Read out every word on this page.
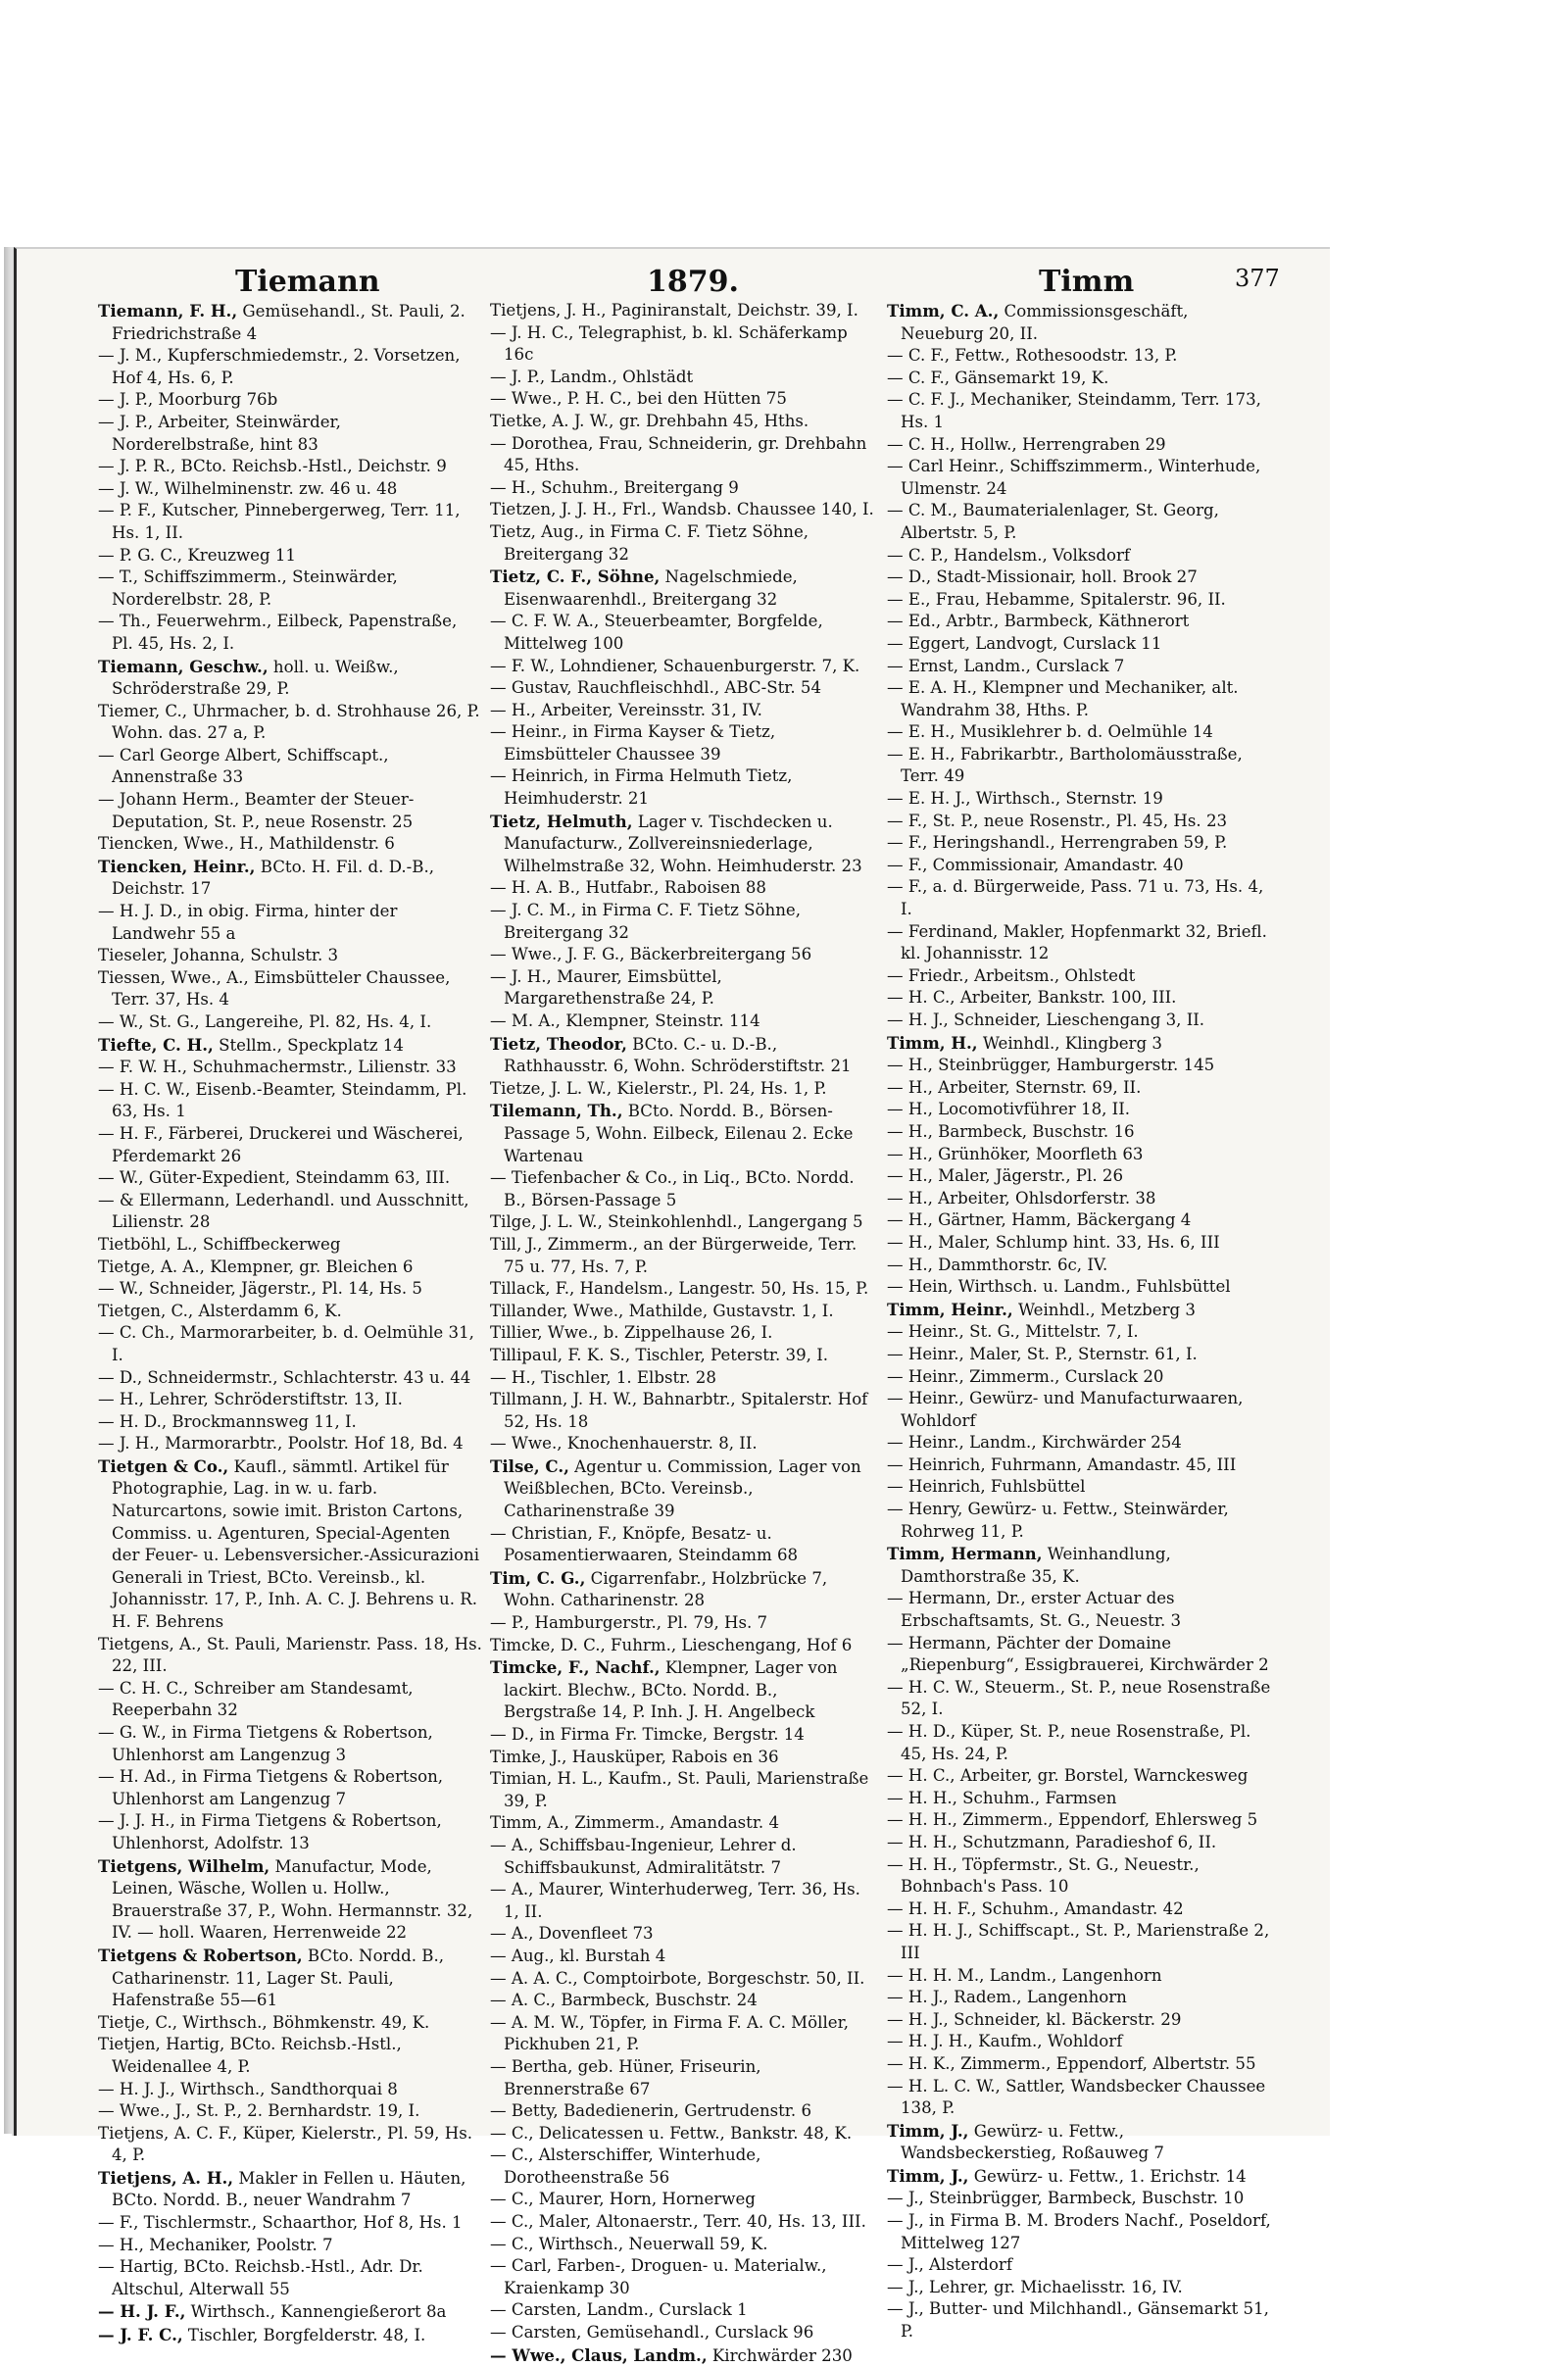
Tiemann	1879.	Timm	377

Tiemann, F. H., Gemüsehandl., St. Pauli, 2. Friedrichstraße 4

— J. M., Kupferschmiedemstr., 2. Vorsetzen, Hof 4, Hs. 6, P.

— J. P., Moorburg 76b

— J. P., Arbeiter, Steinwärder, Norderelbstraße, hint 83

— J. P. R., BCto. Reichsb.-Hstl., Deichstr. 9

— J. W., Wilhelminenstr. zw. 46 u. 48

— P. F., Kutscher, Pinnebergerweg, Terr. 11, Hs. 1, II.

— P. G. C., Kreuzweg 11

— T., Schiffszimmerm., Steinwärder, Norderelbstr. 28, P.

— Th., Feuerwehrm., Eilbeck, Papenstraße, Pl. 45, Hs. 2, I.

Tiemann, Geschw., holl. u. Weißw., Schröderstraße 29, P.

Tiemer, C., Uhrmacher, b. d. Strohhause 26, P. Wohn. das. 27 a, P.

— Carl George Albert, Schiffscapt., Annenstraße 33

— Johann Herm., Beamter der Steuer-Deputation, St. P., neue Rosenstr. 25

Tiencken, Wwe., H., Mathildenstr. 6

Tiencken, Heinr., BCto. H. Fil. d. D.-B., Deichstr. 17

— H. J. D., in obig. Firma, hinter der Landwehr 55 a

Tieseler, Johanna, Schulstr. 3

Tiessen, Wwe., A., Eimsbütteler Chaussee, Terr. 37, Hs. 4

— W., St. G., Langereihe, Pl. 82, Hs. 4, I.

Tiefte, C. H., Stellm., Speckplatz 14

— F. W. H., Schuhmachermstr., Lilienstr. 33

— H. C. W., Eisenb.-Beamter, Steindamm, Pl. 63, Hs. 1

— H. F., Färberei, Druckerei und Wäscherei, Pferdemarkt 26

— W., Güter-Expedient, Steindamm 63, III.

— & Ellermann, Lederhandl. und Ausschnitt, Lilienstr. 28

Tietböhl, L., Schiffbeckerweg

Tietge, A. A., Klempner, gr. Bleichen 6

— W., Schneider, Jägerstr., Pl. 14, Hs. 5

Tietgen, C., Alsterdamm 6, K.

— C. Ch., Marmorarbeiter, b. d. Oelmühle 31, I.

— D., Schneidermstr., Schlachterstr. 43 u. 44

— H., Lehrer, Schröderstiftstr. 13, II.

— H. D., Brockmannsweg 11, I.

— J. H., Marmorarbtr., Poolstr. Hof 18, Bd. 4

Tietgen & Co., Kaufl., sämmtl. Artikel für Photographie, Lag. in w. u. farb. Naturcartons, sowie imit. Briston Cartons, Commiss. u. Agenturen, Special-Agenten der Feuer- u. Lebensversicher.-Assicurazioni Generali in Triest, BCto. Vereinsb., kl. Johannisstr. 17, P., Inh. A. C. J. Behrens u. R. H. F. Behrens

Tietgens, A., St. Pauli, Marienstr. Pass. 18, Hs. 22, III.

— C. H. C., Schreiber am Standesamt, Reeperbahn 32

— G. W., in Firma Tietgens & Robertson, Uhlenhorst am Langenzug 3

— H. Ad., in Firma Tietgens & Robertson, Uhlenhorst am Langenzug 7

— J. J. H., in Firma Tietgens & Robertson, Uhlenhorst, Adolfstr. 13

Tietgens, Wilhelm, Manufactur, Mode, Leinen, Wäsche, Wollen u. Hollw., Brauerstraße 37, P., Wohn. Hermannstr. 32, IV. — holl. Waaren, Herrenweide 22

Tietgens & Robertson, BCto. Nordd. B., Catharinenstr. 11, Lager St. Pauli, Hafenstraße 55—61

Tietje, C., Wirthsch., Böhmkenstr. 49, K.

Tietjen, Hartig, BCto. Reichsb.-Hstl., Weidenallee 4, P.

— H. J. J., Wirthsch., Sandthorquai 8

— Wwe., J., St. P., 2. Bernhardstr. 19, I.

Tietjens, A. C. F., Küper, Kielerstr., Pl. 59, Hs. 4, P.

Tietjens, A. H., Makler in Fellen u. Häuten, BCto. Nordd. B., neuer Wandrahm 7

— F., Tischlermstr., Schaarthor, Hof 8, Hs. 1

— H., Mechaniker, Poolstr. 7

— Hartig, BCto. Reichsb.-Hstl., Adr. Dr. Altschul, Alterwall 55

— H. J. F., Wirthsch., Kannengießerort 8a

— J. F. C., Tischler, Borgfelderstr. 48, I.

Tietjens, J. H., Paginiranstalt, Deichstr. 39, I.

— J. H. C., Telegraphist, b. kl. Schäferkamp 16c

— J. P., Landm., Ohlstädt

— Wwe., P. H. C., bei den Hütten 75

Tietke, A. J. W., gr. Drehbahn 45, Hths.

— Dorothea, Frau, Schneiderin, gr. Drehbahn 45, Hths.

— H., Schuhm., Breitergang 9

Tietzen, J. J. H., Frl., Wandsb. Chaussee 140, I.

Tietz, Aug., in Firma C. F. Tietz Söhne, Breitergang 32

Tietz, C. F., Söhne, Nagelschmiede, Eisenwaarenhdl., Breitergang 32

— C. F. W. A., Steuerbeamter, Borgfelde, Mittelweg 100

— F. W., Lohndiener, Schauenburgerstr. 7, K.

— Gustav, Rauchfleischhdl., ABC-Str. 54

— H., Arbeiter, Vereinsstr. 31, IV.

— Heinr., in Firma Kayser & Tietz, Eimsbütteler Chaussee 39

— Heinrich, in Firma Helmuth Tietz, Heimhuderstr. 21

Tietz, Helmuth, Lager v. Tischdecken u. Manufacturw., Zollvereinsniederlage, Wilhelmstraße 32, Wohn. Heimhuderstr. 23

— H. A. B., Hutfabr., Raboisen 88

— J. C. M., in Firma C. F. Tietz Söhne, Breitergang 32

— Wwe., J. F. G., Bäckerbreitergang 56

— J. H., Maurer, Eimsbüttel, Margarethenstraße 24, P.

— M. A., Klempner, Steinstr. 114

Tietz, Theodor, BCto. C.- u. D.-B., Rathhausstr. 6, Wohn. Schröderstiftstr. 21

Tietze, J. L. W., Kielerstr., Pl. 24, Hs. 1, P.

Tilemann, Th., BCto. Nordd. B., Börsen-Passage 5, Wohn. Eilbeck, Eilenau 2. Ecke Wartenau

— Tiefenbacher & Co., in Liq., BCto. Nordd. B., Börsen-Passage 5

Tilge, J. L. W., Steinkohlenhdl., Langergang 5

Till, J., Zimmerm., an der Bürgerweide, Terr. 75 u. 77, Hs. 7, P.

Tillack, F., Handelsm., Langestr. 50, Hs. 15, P.

Tillander, Wwe., Mathilde, Gustavstr. 1, I.

Tillier, Wwe., b. Zippelhause 26, I.

Tillipaul, F. K. S., Tischler, Peterstr. 39, I.

— H., Tischler, 1. Elbstr. 28

Tillmann, J. H. W., Bahnarbtr., Spitalerstr. Hof 52, Hs. 18

— Wwe., Knochenhauerstr. 8, II.

Tilse, C., Agentur u. Commission, Lager von Weißblechen, BCto. Vereinsb., Catharinenstraße 39

— Christian, F., Knöpfe, Besatz- u. Posamentierwaaren, Steindamm 68

Tim, C. G., Cigarrenfabr., Holzbrücke 7, Wohn. Catharinenstr. 28

— P., Hamburgerstr., Pl. 79, Hs. 7

Timcke, D. C., Fuhrm., Lieschengang, Hof 6

Timcke, F., Nachf., Klempner, Lager von lackirt. Blechw., BCto. Nordd. B., Bergstraße 14, P. Inh. J. H. Angelbeck

— D., in Firma Fr. Timcke, Bergstr. 14

Timke, J., Hausküper, Rabois en 36

Timian, H. L., Kaufm., St. Pauli, Marienstraße 39, P.

Timm, A., Zimmerm., Amandastr. 4

— A., Schiffsbau-Ingenieur, Lehrer d. Schiffsbaukunst, Admiralitätstr. 7

— A., Maurer, Winterhuderweg, Terr. 36, Hs. 1, II.

— A., Dovenfleet 73

— Aug., kl. Burstah 4

— A. A. C., Comptoirbote, Borgeschstr. 50, II.

— A. C., Barmbeck, Buschstr. 24

— A. M. W., Töpfer, in Firma F. A. C. Möller, Pickhuben 21, P.

— Bertha, geb. Hüner, Friseurin, Brennerstraße 67

— Betty, Badedienerin, Gertrudenstr. 6

— C., Delicatessen u. Fettw., Bankstr. 48, K.

— C., Alsterschiffer, Winterhude, Dorotheenstraße 56

— C., Maurer, Horn, Hornerweg

— C., Maler, Altonaerstr., Terr. 40, Hs. 13, III.

— C., Wirthsch., Neuerwall 59, K.

— Carl, Farben-, Droguen- u. Materialw., Kraienkamp 30

— Carsten, Landm., Curslack 1

— Carsten, Gemüsehandl., Curslack 96

— Wwe., Claus, Landm., Kirchwärder 230

Timm, C. A., Commissionsgeschäft, Neueburg 20, II.

— C. F., Fettw., Rothesoodstr. 13, P.

— C. F., Gänsemarkt 19, K.

— C. F. J., Mechaniker, Steindamm, Terr. 173, Hs. 1

— C. H., Hollw., Herrengraben 29

— Carl Heinr., Schiffszimmerm., Winterhude, Ulmenstr. 24

— C. M., Baumaterialenlager, St. Georg, Albertstr. 5, P.

— C. P., Handelsm., Volksdorf

— D., Stadt-Missionair, holl. Brook 27

— E., Frau, Hebamme, Spitalerstr. 96, II.

— Ed., Arbtr., Barmbeck, Käthnerort

— Eggert, Landvogt, Curslack 11

— Ernst, Landm., Curslack 7

— E. A. H., Klempner und Mechaniker, alt. Wandrahm 38, Hths. P.

— E. H., Musiklehrer b. d. Oelmühle 14

— E. H., Fabrikarbtr., Bartholomäusstraße, Terr. 49

— E. H. J., Wirthsch., Sternstr. 19

— F., St. P., neue Rosenstr., Pl. 45, Hs. 23

— F., Heringshandl., Herrengraben 59, P.

— F., Commissionair, Amandastr. 40

— F., a. d. Bürgerweide, Pass. 71 u. 73, Hs. 4, I.

— Ferdinand, Makler, Hopfenmarkt 32, Briefl. kl. Johannisstr. 12

— Friedr., Arbeitsm., Ohlstedt

— H. C., Arbeiter, Bankstr. 100, III.

— H. J., Schneider, Lieschengang 3, II.

Timm, H., Weinhdl., Klingberg 3

— H., Steinbrügger, Hamburgerstr. 145

— H., Arbeiter, Sternstr. 69, II.

— H., Locomotivführer 18, II.

— H., Barmbeck, Buschstr. 16

— H., Grünhöker, Moorfleth 63

— H., Maler, Jägerstr., Pl. 26

— H., Arbeiter, Ohlsdorferstr. 38

— H., Gärtner, Hamm, Bäckergang 4

— H., Maler, Schlump hint. 33, Hs. 6, III

— H., Dammthorstr. 6c, IV.

— Hein, Wirthsch. u. Landm., Fuhlsbüttel

Timm, Heinr., Weinhdl., Metzberg 3

— Heinr., St. G., Mittelstr. 7, I.

— Heinr., Maler, St. P., Sternstr. 61, I.

— Heinr., Zimmerm., Curslack 20

— Heinr., Gewürz- und Manufacturwaaren, Wohldorf

— Heinr., Landm., Kirchwärder 254

— Heinrich, Fuhrmann, Amandastr. 45, III

— Heinrich, Fuhlsbüttel

— Henry, Gewürz- u. Fettw., Steinwärder, Rohrweg 11, P.

Timm, Hermann, Weinhandlung, Damthorstraße 35, K.

— Hermann, Dr., erster Actuar des Erbschaftsamts, St. G., Neuestr. 3

— Hermann, Pächter der Domaine „Riepenburg“, Essigbrauerei, Kirchwärder 2

— H. C. W., Steuerm., St. P., neue Rosenstraße 52, I.

— H. D., Küper, St. P., neue Rosenstraße, Pl. 45, Hs. 24, P.

— H. C., Arbeiter, gr. Borstel, Warnckesweg

— H. H., Schuhm., Farmsen

— H. H., Zimmerm., Eppendorf, Ehlersweg 5

— H. H., Schutzmann, Paradieshof 6, II.

— H. H., Töpfermstr., St. G., Neuestr., Bohnbach's Pass. 10

— H. H. F., Schuhm., Amandastr. 42

— H. H. J., Schiffscapt., St. P., Marienstraße 2, III

— H. H. M., Landm., Langenhorn

— H. J., Radem., Langenhorn

— H. J., Schneider, kl. Bäckerstr. 29

— H. J. H., Kaufm., Wohldorf

— H. K., Zimmerm., Eppendorf, Albertstr. 55

— H. L. C. W., Sattler, Wandsbecker Chaussee 138, P.

Timm, J., Gewürz- u. Fettw., Wandsbeckerstieg, Roßauweg 7

Timm, J., Gewürz- u. Fettw., 1. Erichstr. 14

— J., Steinbrügger, Barmbeck, Buschstr. 10

— J., in Firma B. M. Broders Nachf., Poseldorf, Mittelweg 127

— J., Alsterdorf

— J., Lehrer, gr. Michaelisstr. 16, IV.

— J., Butter- und Milchhandl., Gänsemarkt 51, P.
